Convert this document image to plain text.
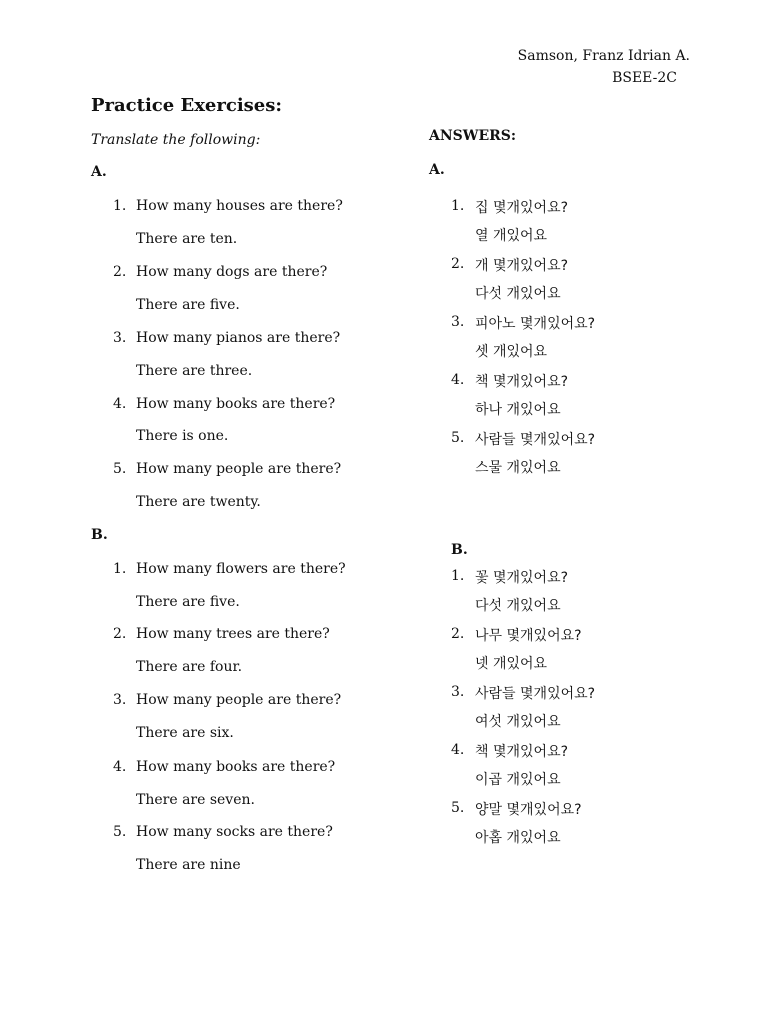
Samson, Franz Idrian A.
BSEE-2C
Practice Exercises:
Translate the following:
A.
1. How many houses are there?
There are ten.
2. How many dogs are there?
There are five.
3. How many pianos are there?
There are three.
4. How many books are there?
There is one.
5. How many people are there?
There are twenty.
B.
1. How many flowers are there?
There are five.
2. How many trees are there?
There are four.
3. How many people are there?
There are six.
4. How many books are there?
There are seven.
5. How many socks are there?
There are nine
ANSWERS:
A.
1. 집 몇개있어요?
열 개있어요
2. 개 몇개있어요?
다섯 개있어요
3. 피아노 몇개있어요?
셋 개있어요
4. 책 몇개있어요?
하나 개있어요
5. 사람들 몇개있어요?
스물 개있어요
B.
1. 꽃 몇개있어요?
다섯 개있어요
2. 나무 몇개있어요?
넷 개있어요
3. 사람들 몇개있어요?
여섯 개있어요
4. 책 몇개있어요?
이곱 개있어요
5. 양말 몇개있어요?
아홉 개있어요
